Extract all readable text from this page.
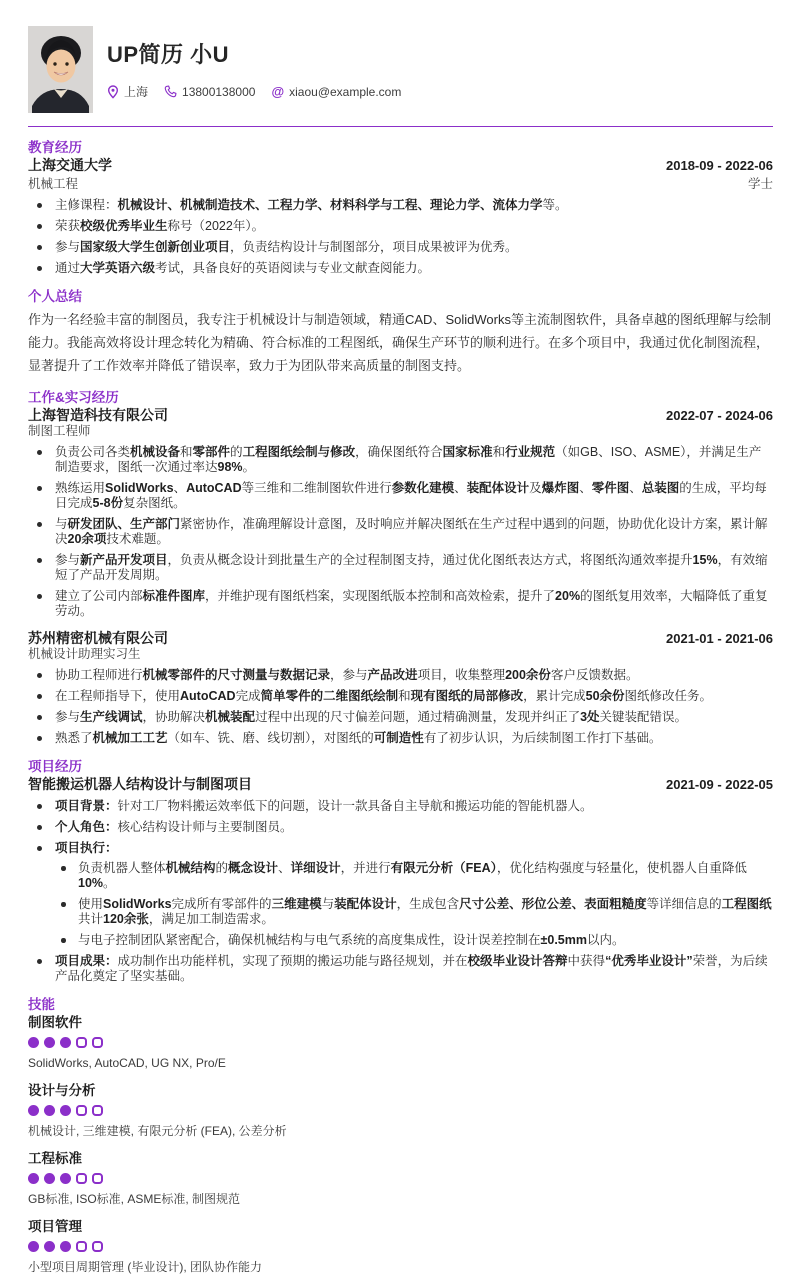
UP简历 小U
上海	13800138000 @ xiaou@example.com
教育经历
上海交通大学	2018-09 - 2022-06
机械工程	学士
主修课程：机械设计、机械制造技术、工程力学、材料科学与工程、理论力学、流体力学等。
荣获校级优秀毕业生称号（2022年）。
参与国家级大学生创新创业项目，负责结构设计与制图部分，项目成果被评为优秀。
通过大学英语六级考试，具备良好的英语阅读与专业文献查阅能力。
个人总结

作为一名经验丰富的制图员，我专注于机械设计与制造领域，精通CAD、SolidWorks等主流制图软件，具备卓越的图纸理解与绘制能力。我能高效将设计理念转化为精确、符合标准的工程图纸，确保生产环节的顺利进行。在多个项目中，我通过优化制图流程，显著提升了工作效率并降低了错误率，致力于为团队带来高质量的制图支持。

工作&实习经历
上海智造科技有限公司	2022-07 - 2024-06
制图工程师
负责公司各类机械设备和零部件的工程图纸绘制与修改，确保图纸符合国家标准和行业规范（如GB、ISO、ASME），并满足生产制造要求，图纸一次通过率达98%。
熟练运用SolidWorks、AutoCAD等三维和二维制图软件进行参数化建模、装配体设计及爆炸图、零件图、总装图的生成，平均每日完成5-8份复杂图纸。
与研发团队、生产部门紧密协作，准确理解设计意图，及时响应并解决图纸在生产过程中遇到的问题，协助优化设计方案，累计解决20余项技术难题。
参与新产品开发项目，负责从概念设计到批量生产的全过程制图支持，通过优化图纸表达方式，将图纸沟通效率提升15%，有效缩短了产品开发周期。
建立了公司内部标准件图库，并维护现有图纸档案，实现图纸版本控制和高效检索，提升了20%的图纸复用效率，大幅降低了重复劳动。
苏州精密机械有限公司	2021-01 - 2021-06
机械设计助理实习生
协助工程师进行机械零部件的尺寸测量与数据记录，参与产品改进项目，收集整理200余份客户反馈数据。
在工程师指导下，使用AutoCAD完成简单零件的二维图纸绘制和现有图纸的局部修改，累计完成50余份图纸修改任务。
参与生产线调试，协助解决机械装配过程中出现的尺寸偏差问题，通过精确测量，发现并纠正了3处关键装配错误。
熟悉了机械加工工艺（如车、铣、磨、线切割），对图纸的可制造性有了初步认识，为后续制图工作打下基础。
项目经历
智能搬运机器人结构设计与制图项目	2021-09 - 2022-05
项目背景：针对工厂物料搬运效率低下的问题，设计一款具备自主导航和搬运功能的智能机器人。
个人角色：核心结构设计师与主要制图员。
项目执行：
负责机器人整体机械结构的概念设计、详细设计，并进行有限元分析（FEA），优化结构强度与轻量化，使机器人自重降低10%。
使用SolidWorks完成所有零部件的三维建模与装配体设计，生成包含尺寸公差、形位公差、表面粗糙度等详细信息的工程图纸共计120余张，满足加工制造需求。
与电子控制团队紧密配合，确保机械结构与电气系统的高度集成性，设计误差控制在±0.5mm以内。
项目成果：成功制作出功能样机，实现了预期的搬运功能与路径规划，并在校级毕业设计答辩中获得“优秀毕业设计”荣誉，为后续产品化奠定了坚实基础。
技能
制图软件
SolidWorks, AutoCAD, UG NX, Pro/E
设计与分析
机械设计, 三维建模, 有限元分析 (FEA), 公差分析
工程标准
GB标准, ISO标准, ASME标准, 制图规范
项目管理
小型项目周期管理 (毕业设计), 团队协作能力
